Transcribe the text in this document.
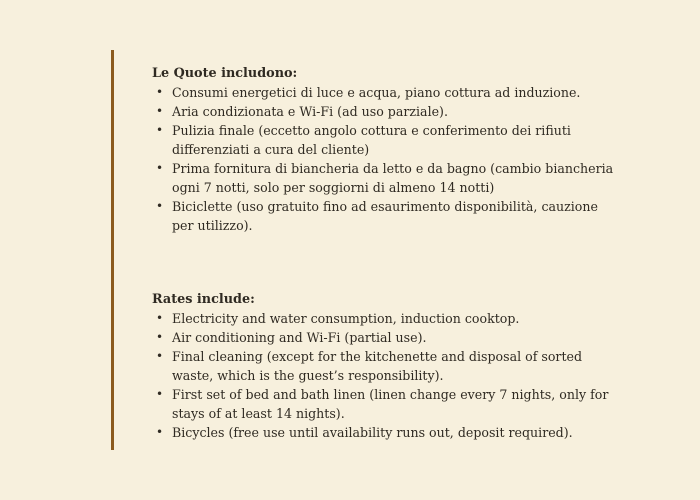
Le Quote includono:

• Consumi energetici di luce e acqua, piano cottura ad induzione.
• Aria condizionata e Wi-Fi (ad uso parziale).
• Pulizia finale (eccetto angolo cottura e conferimento dei rifiuti differenziati a cura del cliente)
• Prima fornitura di biancheria da letto e da bagno (cambio biancheria ogni 7 notti, solo per soggiorni di almeno 14 notti)
• Biciclette (uso gratuito fino ad esaurimento disponibilità, cauzione per utilizzo).

Rates include:

• Electricity and water consumption, induction cooktop.
• Air conditioning and Wi-Fi (partial use).
• Final cleaning (except for the kitchenette and disposal of sorted waste, which is the guest’s responsibility).
• First set of bed and bath linen (linen change every 7 nights, only for stays of at least 14 nights).
• Bicycles (free use until availability runs out, deposit required).
